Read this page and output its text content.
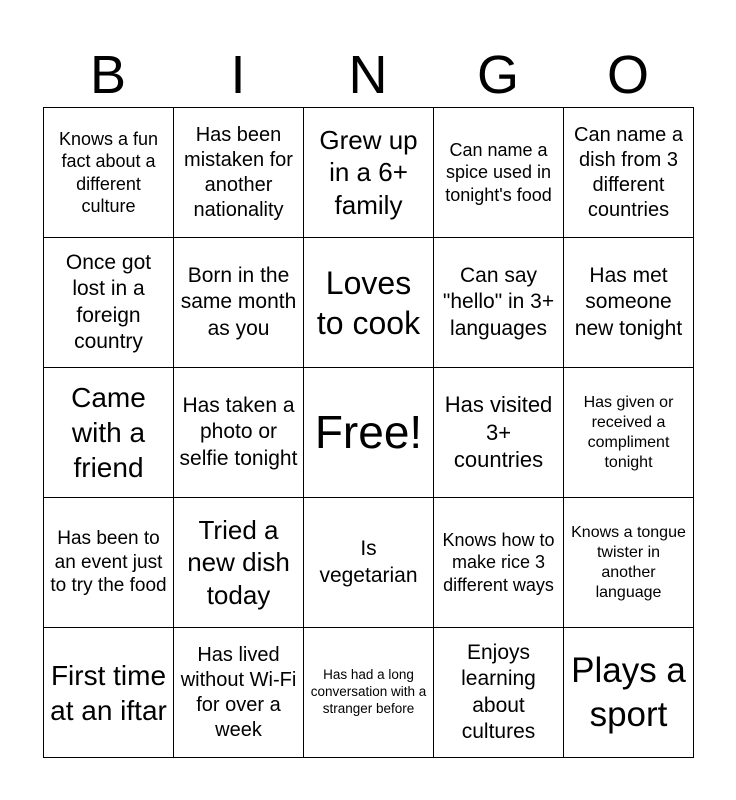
B	I	N	G	O
Knows a fun fact about a different culture	Has been mistaken for another nationality	Grew up in a 6+ family	Can name a spice used in tonight's food	Can name a dish from 3 different countries
Once got lost in a foreign country	Born in the same month as you	Loves to cook	Can say "hello" in 3+ languages	Has met someone new tonight
Came with a friend	Has taken a photo or selfie tonight	Free!	Has visited 3+ countries	Has given or received a compliment tonight
Has been to an event just to try the food	Tried a new dish today	Is vegetarian	Knows how to make rice 3 different ways	Knows a tongue twister in another language
First time at an iftar	Has lived without Wi-Fi for over a week	Has had a long conversation with a stranger before	Enjoys learning about cultures	Plays a sport
